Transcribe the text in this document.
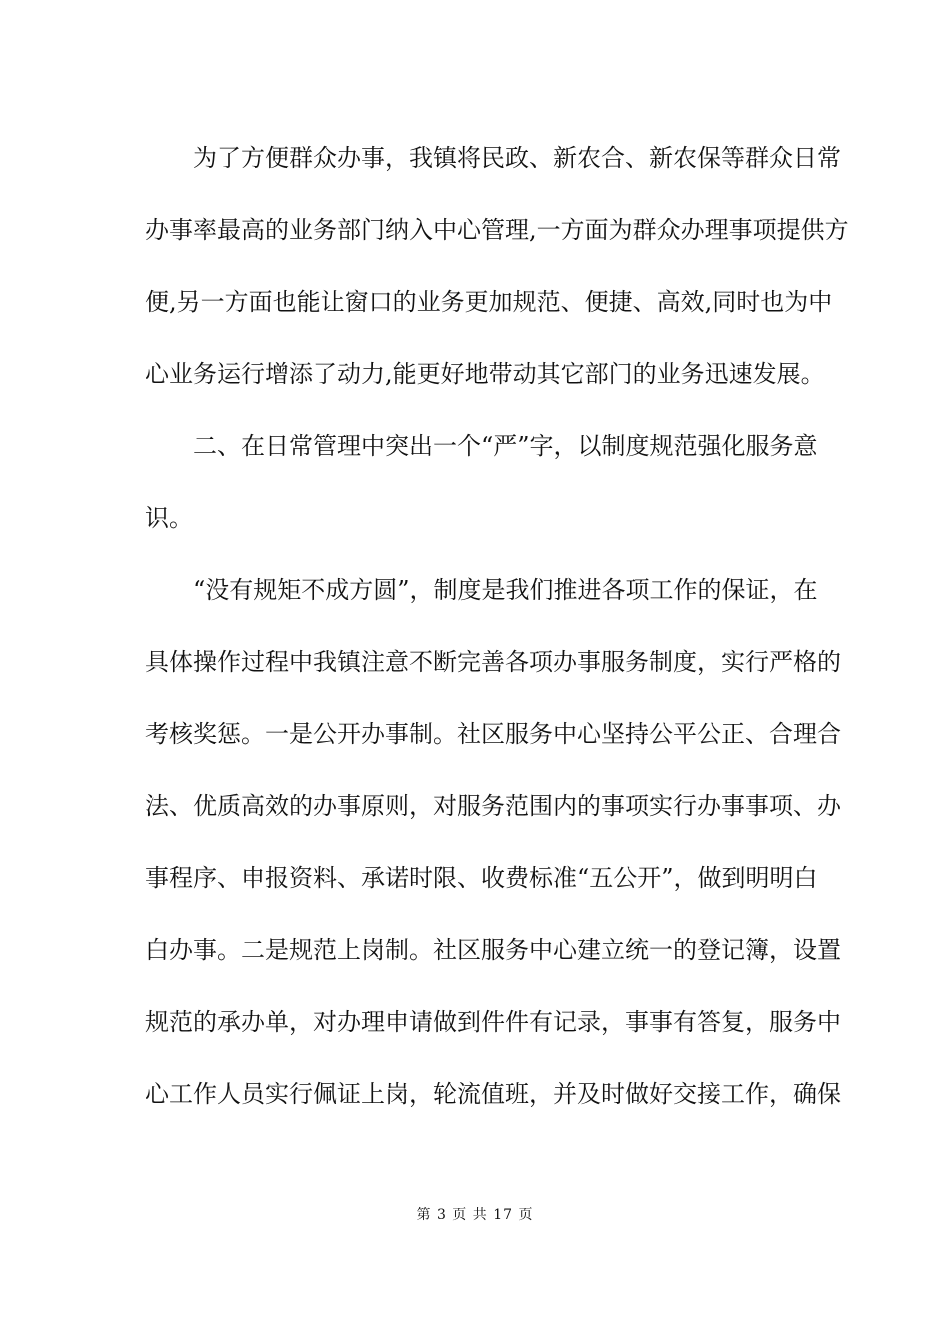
为了方便群众办事，我镇将民政、新农合、新农保等群众日常
办事率最高的业务部门纳入中心管理,一方面为群众办理事项提供方
便,另一方面也能让窗口的业务更加规范、便捷、高效,同时也为中
心业务运行增添了动力,能更好地带动其它部门的业务迅速发展。
二、在日常管理中突出一个“严”字，以制度规范强化服务意
识。
“没有规矩不成方圆”，制度是我们推进各项工作的保证，在
具体操作过程中我镇注意不断完善各项办事服务制度，实行严格的
考核奖惩。一是公开办事制。社区服务中心坚持公平公正、合理合
法、优质高效的办事原则，对服务范围内的事项实行办事事项、办
事程序、申报资料、承诺时限、收费标准“五公开”，做到明明白
白办事。二是规范上岗制。社区服务中心建立统一的登记簿，设置
规范的承办单，对办理申请做到件件有记录，事事有答复，服务中
心工作人员实行佩证上岗，轮流值班，并及时做好交接工作，确保
第 3 页 共 17 页
